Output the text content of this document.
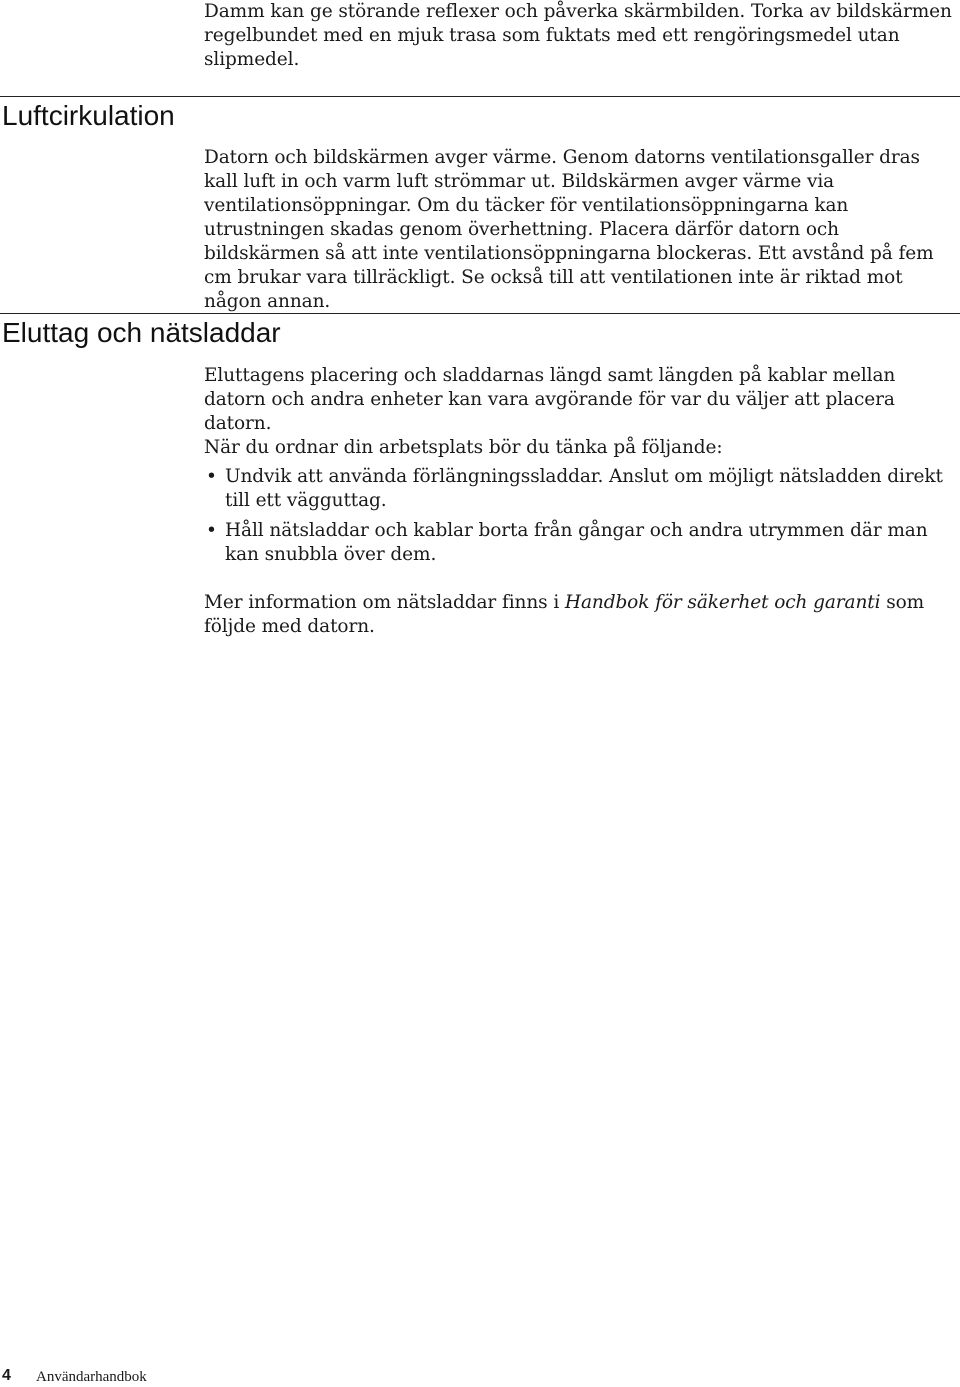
Damm kan ge störande reflexer och påverka skärmbilden. Torka av bildskärmen regelbundet med en mjuk trasa som fuktats med ett rengöringsmedel utan slipmedel.

Luftcirkulation

Datorn och bildskärmen avger värme. Genom datorns ventilationsgaller dras kall luft in och varm luft strömmar ut. Bildskärmen avger värme via ventilationsöppningar. Om du täcker för ventilationsöppningarna kan utrustningen skadas genom överhettning. Placera därför datorn och bildskärmen så att inte ventilationsöppningarna blockeras. Ett avstånd på fem cm brukar vara tillräckligt. Se också till att ventilationen inte är riktad mot någon annan.

Eluttag och nätsladdar

Eluttagens placering och sladdarnas längd samt längden på kablar mellan datorn och andra enheter kan vara avgörande för var du väljer att placera datorn.

När du ordnar din arbetsplats bör du tänka på följande:

• Undvik att använda förlängningssladdar. Anslut om möjligt nätsladden direkt till ett vägguttag.
• Håll nätsladdar och kablar borta från gångar och andra utrymmen där man kan snubbla över dem.

Mer information om nätsladdar finns i Handbok för säkerhet och garanti som följde med datorn.

4 Användarhandbok
